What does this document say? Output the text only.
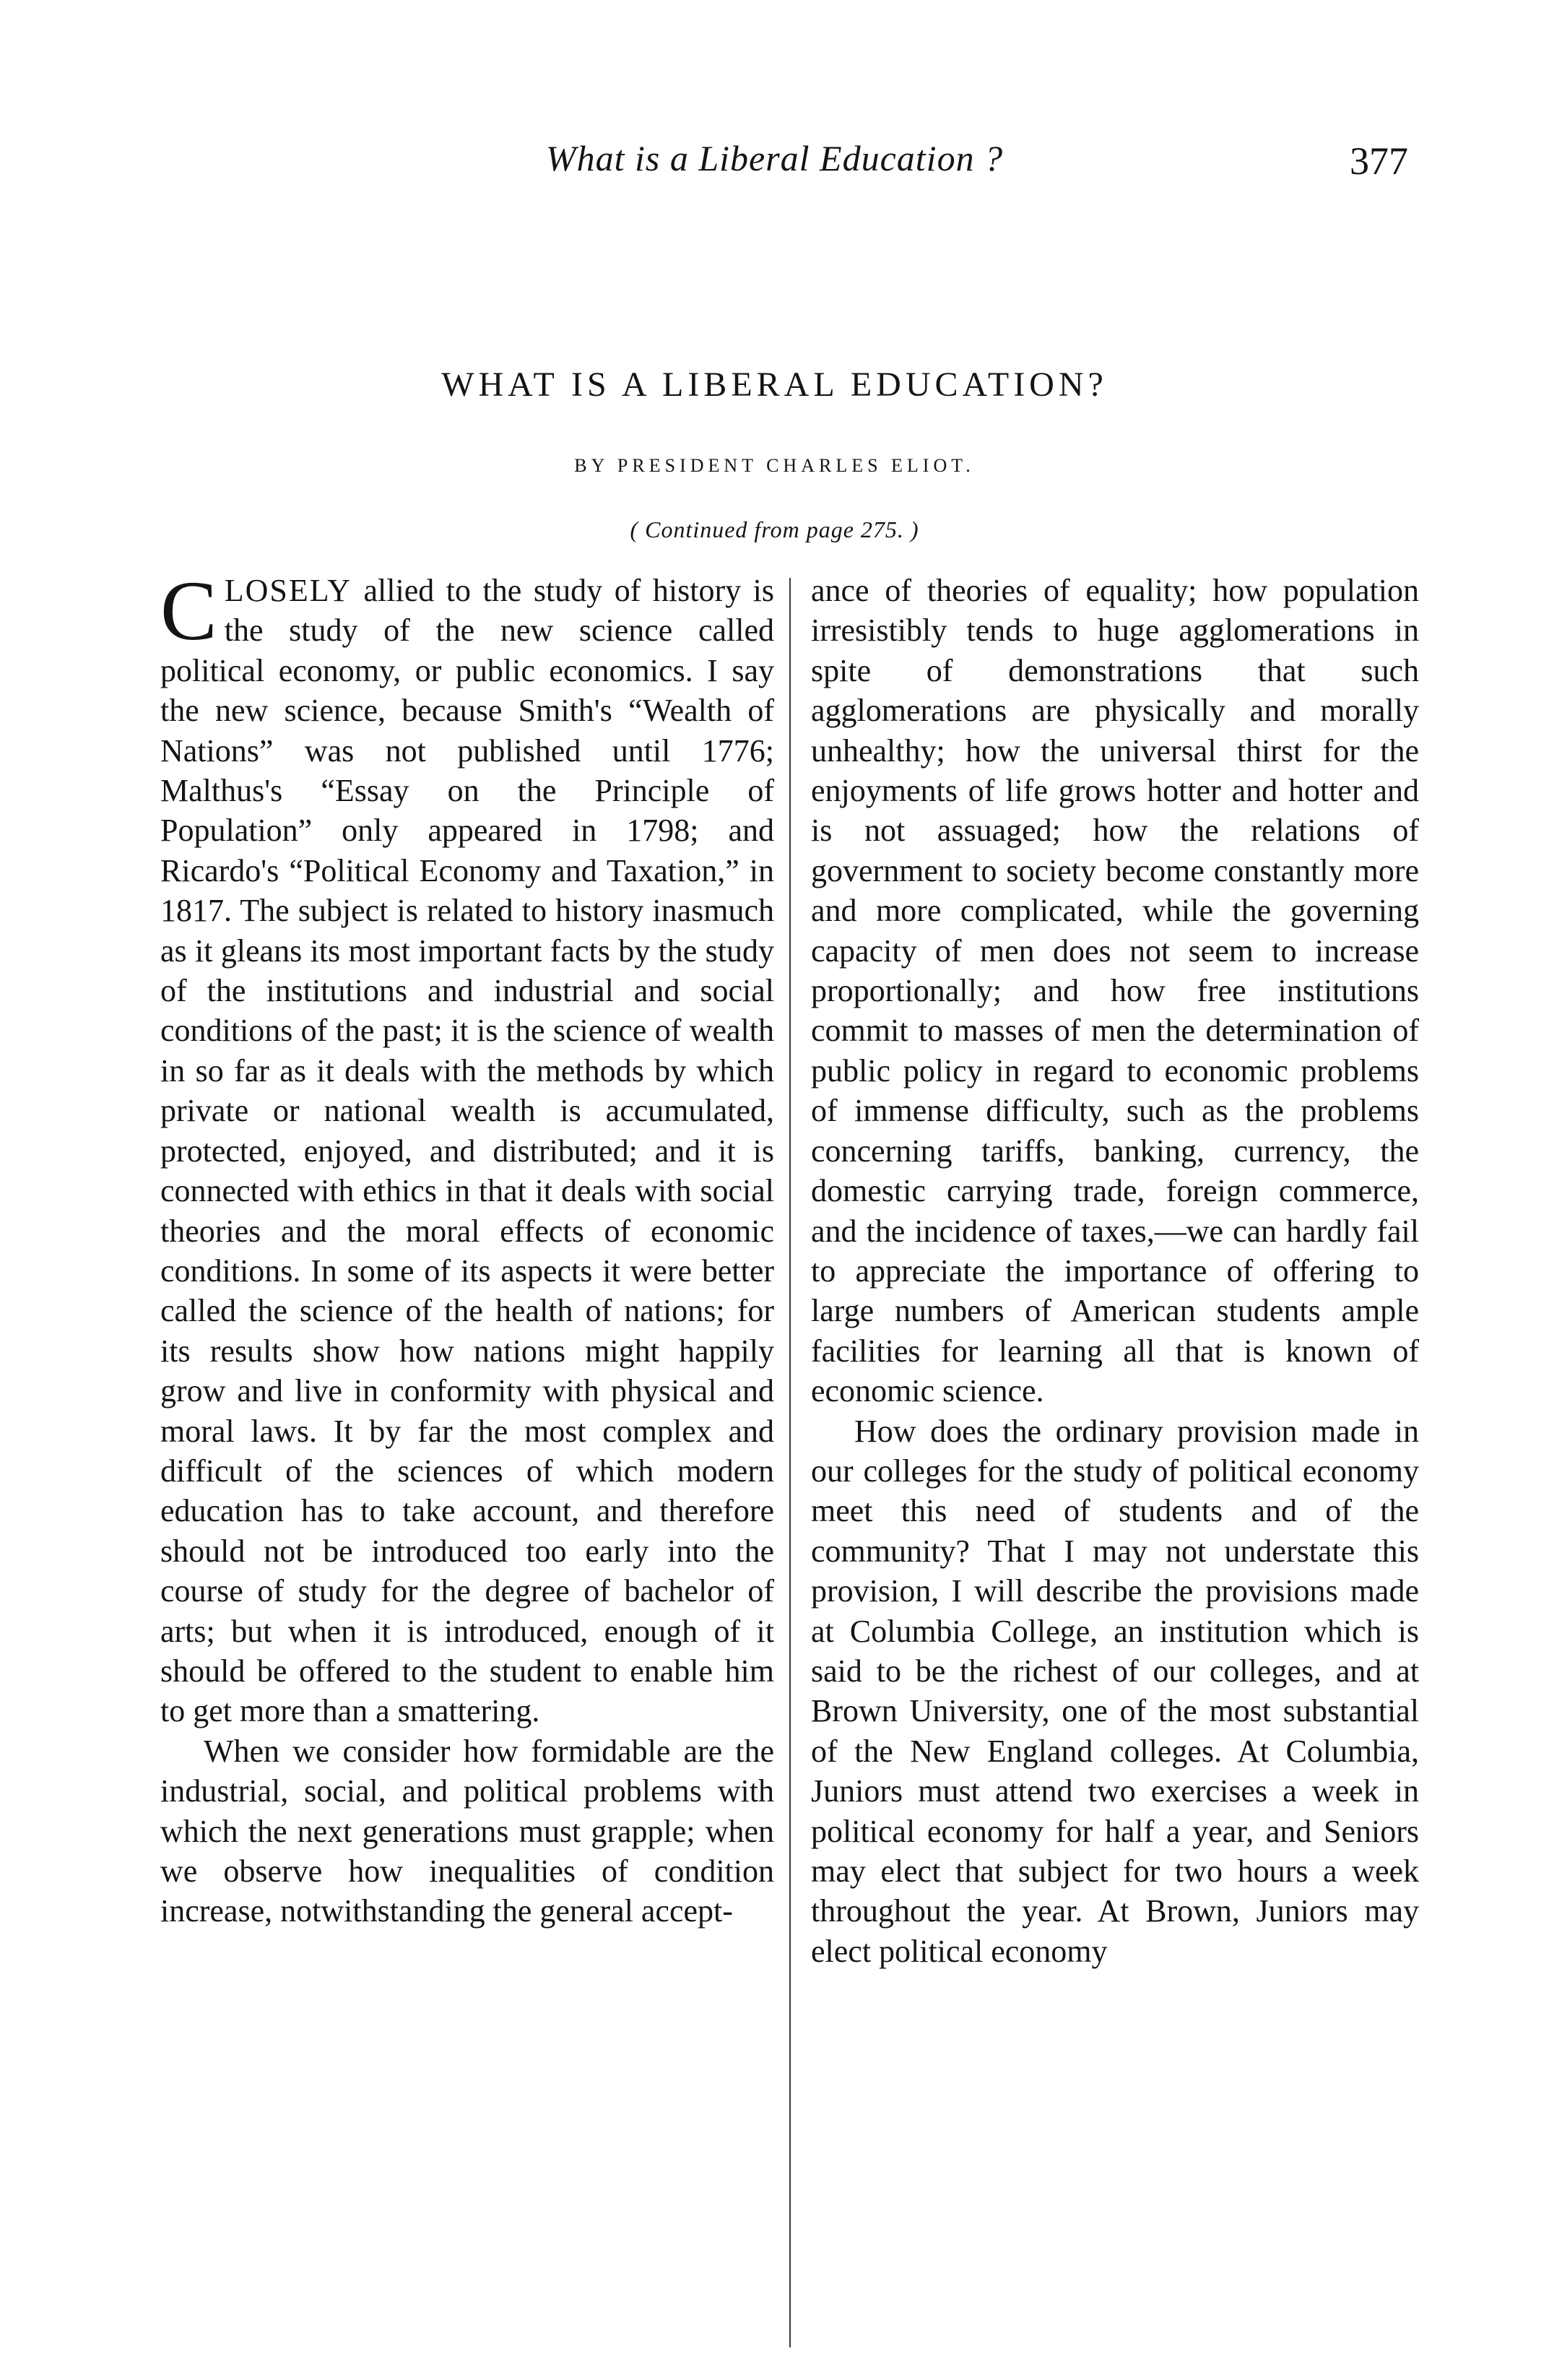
What is a Liberal Education ?	377
WHAT IS A LIBERAL EDUCATION?
BY PRESIDENT CHARLES ELIOT.
( Continued from page 275. )

CLOSELY allied to the study of history is the study of the new science called political economy, or public economics. I say the new science, because Smith's “Wealth of Nations” was not published until 1776; Malthus's “Essay on the Principle of Population” only appeared in 1798; and Ricardo's “Political Economy and Taxation,” in 1817. The subject is related to history inasmuch as it gleans its most important facts by the study of the institutions and industrial and social conditions of the past; it is the science of wealth in so far as it deals with the methods by which private or national wealth is accumulated, protected, enjoyed, and distributed; and it is connected with ethics in that it deals with social theories and the moral effects of economic conditions. In some of its aspects it were better called the science of the health of nations; for its results show how nations might happily grow and live in conformity with physical and moral laws. It by far the most complex and difficult of the sciences of which modern education has to take account, and therefore should not be introduced too early into the course of study for the degree of bachelor of arts; but when it is introduced, enough of it should be offered to the student to enable him to get more than a smattering.

When we consider how formidable are the industrial, social, and political problems with which the next generations must grapple; when we observe how inequalities of condition increase, notwithstanding the general accept-

ance of theories of equality; how population irresistibly tends to huge agglomerations in spite of demonstrations that such agglomerations are physically and morally unhealthy; how the universal thirst for the enjoyments of life grows hotter and hotter and is not assuaged; how the relations of government to society become constantly more and more complicated, while the governing capacity of men does not seem to increase proportionally; and how free institutions commit to masses of men the determination of public policy in regard to economic problems of immense difficulty, such as the problems concerning tariffs, banking, currency, the domestic carrying trade, foreign commerce, and the incidence of taxes,—we can hardly fail to appreciate the importance of offering to large numbers of American students ample facilities for learning all that is known of economic science.

How does the ordinary provision made in our colleges for the study of political economy meet this need of students and of the community? That I may not understate this provision, I will describe the provisions made at Columbia College, an institution which is said to be the richest of our colleges, and at Brown University, one of the most substantial of the New England colleges. At Columbia, Juniors must attend two exercises a week in political economy for half a year, and Seniors may elect that subject for two hours a week throughout the year. At Brown, Juniors may elect political economy
